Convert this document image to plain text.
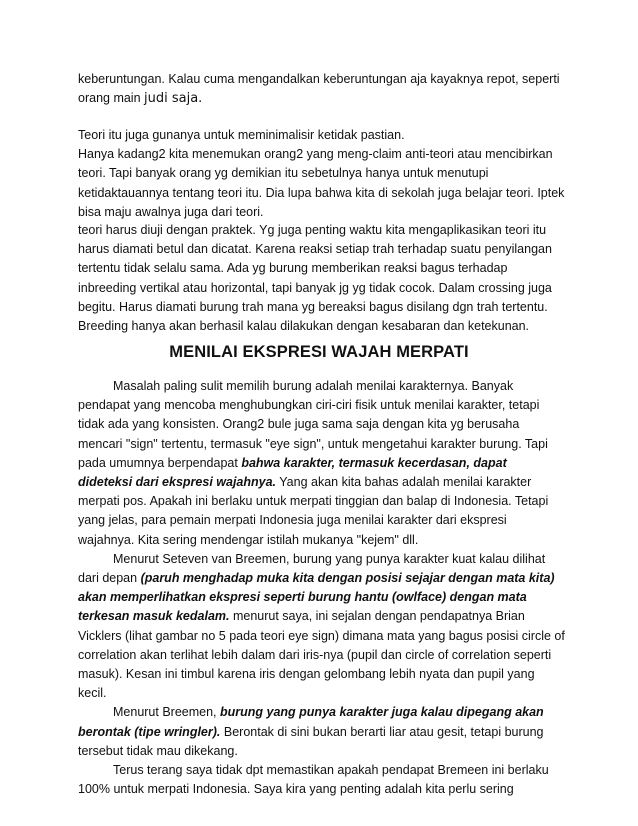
keberuntungan. Kalau cuma mengandalkan keberuntungan aja kayaknya repot, seperti
orang main judi saja.
Teori itu juga gunanya untuk meminimalisir ketidak pastian.
Hanya kadang2 kita menemukan orang2 yang meng-claim anti-teori atau mencibirkan
teori. Tapi banyak orang yg demikian itu sebetulnya hanya untuk menutupi
ketidaktauannya tentang teori itu. Dia lupa bahwa kita di sekolah juga belajar teori. Iptek
bisa maju awalnya juga dari teori.
teori harus diuji dengan praktek. Yg juga penting waktu kita mengaplikasikan teori itu
harus diamati betul dan dicatat. Karena reaksi setiap trah terhadap suatu penyilangan
tertentu tidak selalu sama. Ada yg burung memberikan reaksi bagus terhadap
inbreeding vertikal atau horizontal, tapi banyak jg yg tidak cocok. Dalam crossing juga
begitu. Harus diamati burung trah mana yg bereaksi bagus disilang dgn trah tertentu.
Breeding hanya akan berhasil kalau dilakukan dengan kesabaran dan ketekunan.
MENILAI EKSPRESI WAJAH MERPATI
Masalah paling sulit memilih burung adalah menilai karakternya. Banyak
pendapat yang mencoba menghubungkan ciri-ciri fisik untuk menilai karakter, tetapi
tidak ada yang konsisten. Orang2 bule juga sama saja dengan kita yg berusaha
mencari "sign" tertentu, termasuk "eye sign", untuk mengetahui karakter burung. Tapi
pada umumnya berpendapat bahwa karakter, termasuk kecerdasan, dapat
dideteksi dari ekspresi wajahnya. Yang akan kita bahas adalah menilai karakter
merpati pos. Apakah ini berlaku untuk merpati tinggian dan balap di Indonesia. Tetapi
yang jelas, para pemain merpati Indonesia juga menilai karakter dari ekspresi
wajahnya. Kita sering mendengar istilah mukanya "kejem" dll.
Menurut Seteven van Breemen, burung yang punya karakter kuat kalau dilihat
dari depan (paruh menghadap muka kita dengan posisi sejajar dengan mata kita)
akan memperlihatkan ekspresi seperti burung hantu (owlface) dengan mata
terkesan masuk kedalam. menurut saya, ini sejalan dengan pendapatnya Brian
Vicklers (lihat gambar no 5 pada teori eye sign) dimana mata yang bagus posisi circle of
correlation akan terlihat lebih dalam dari iris-nya (pupil dan circle of correlation seperti
masuk). Kesan ini timbul karena iris dengan gelombang lebih nyata dan pupil yang
kecil.
Menurut Breemen, burung yang punya karakter juga kalau dipegang akan
berontak (tipe wringler). Berontak di sini bukan berarti liar atau gesit, tetapi burung
tersebut tidak mau dikekang.
Terus terang saya tidak dpt memastikan apakah pendapat Bremeen ini berlaku
100% untuk merpati Indonesia. Saya kira yang penting adalah kita perlu sering
